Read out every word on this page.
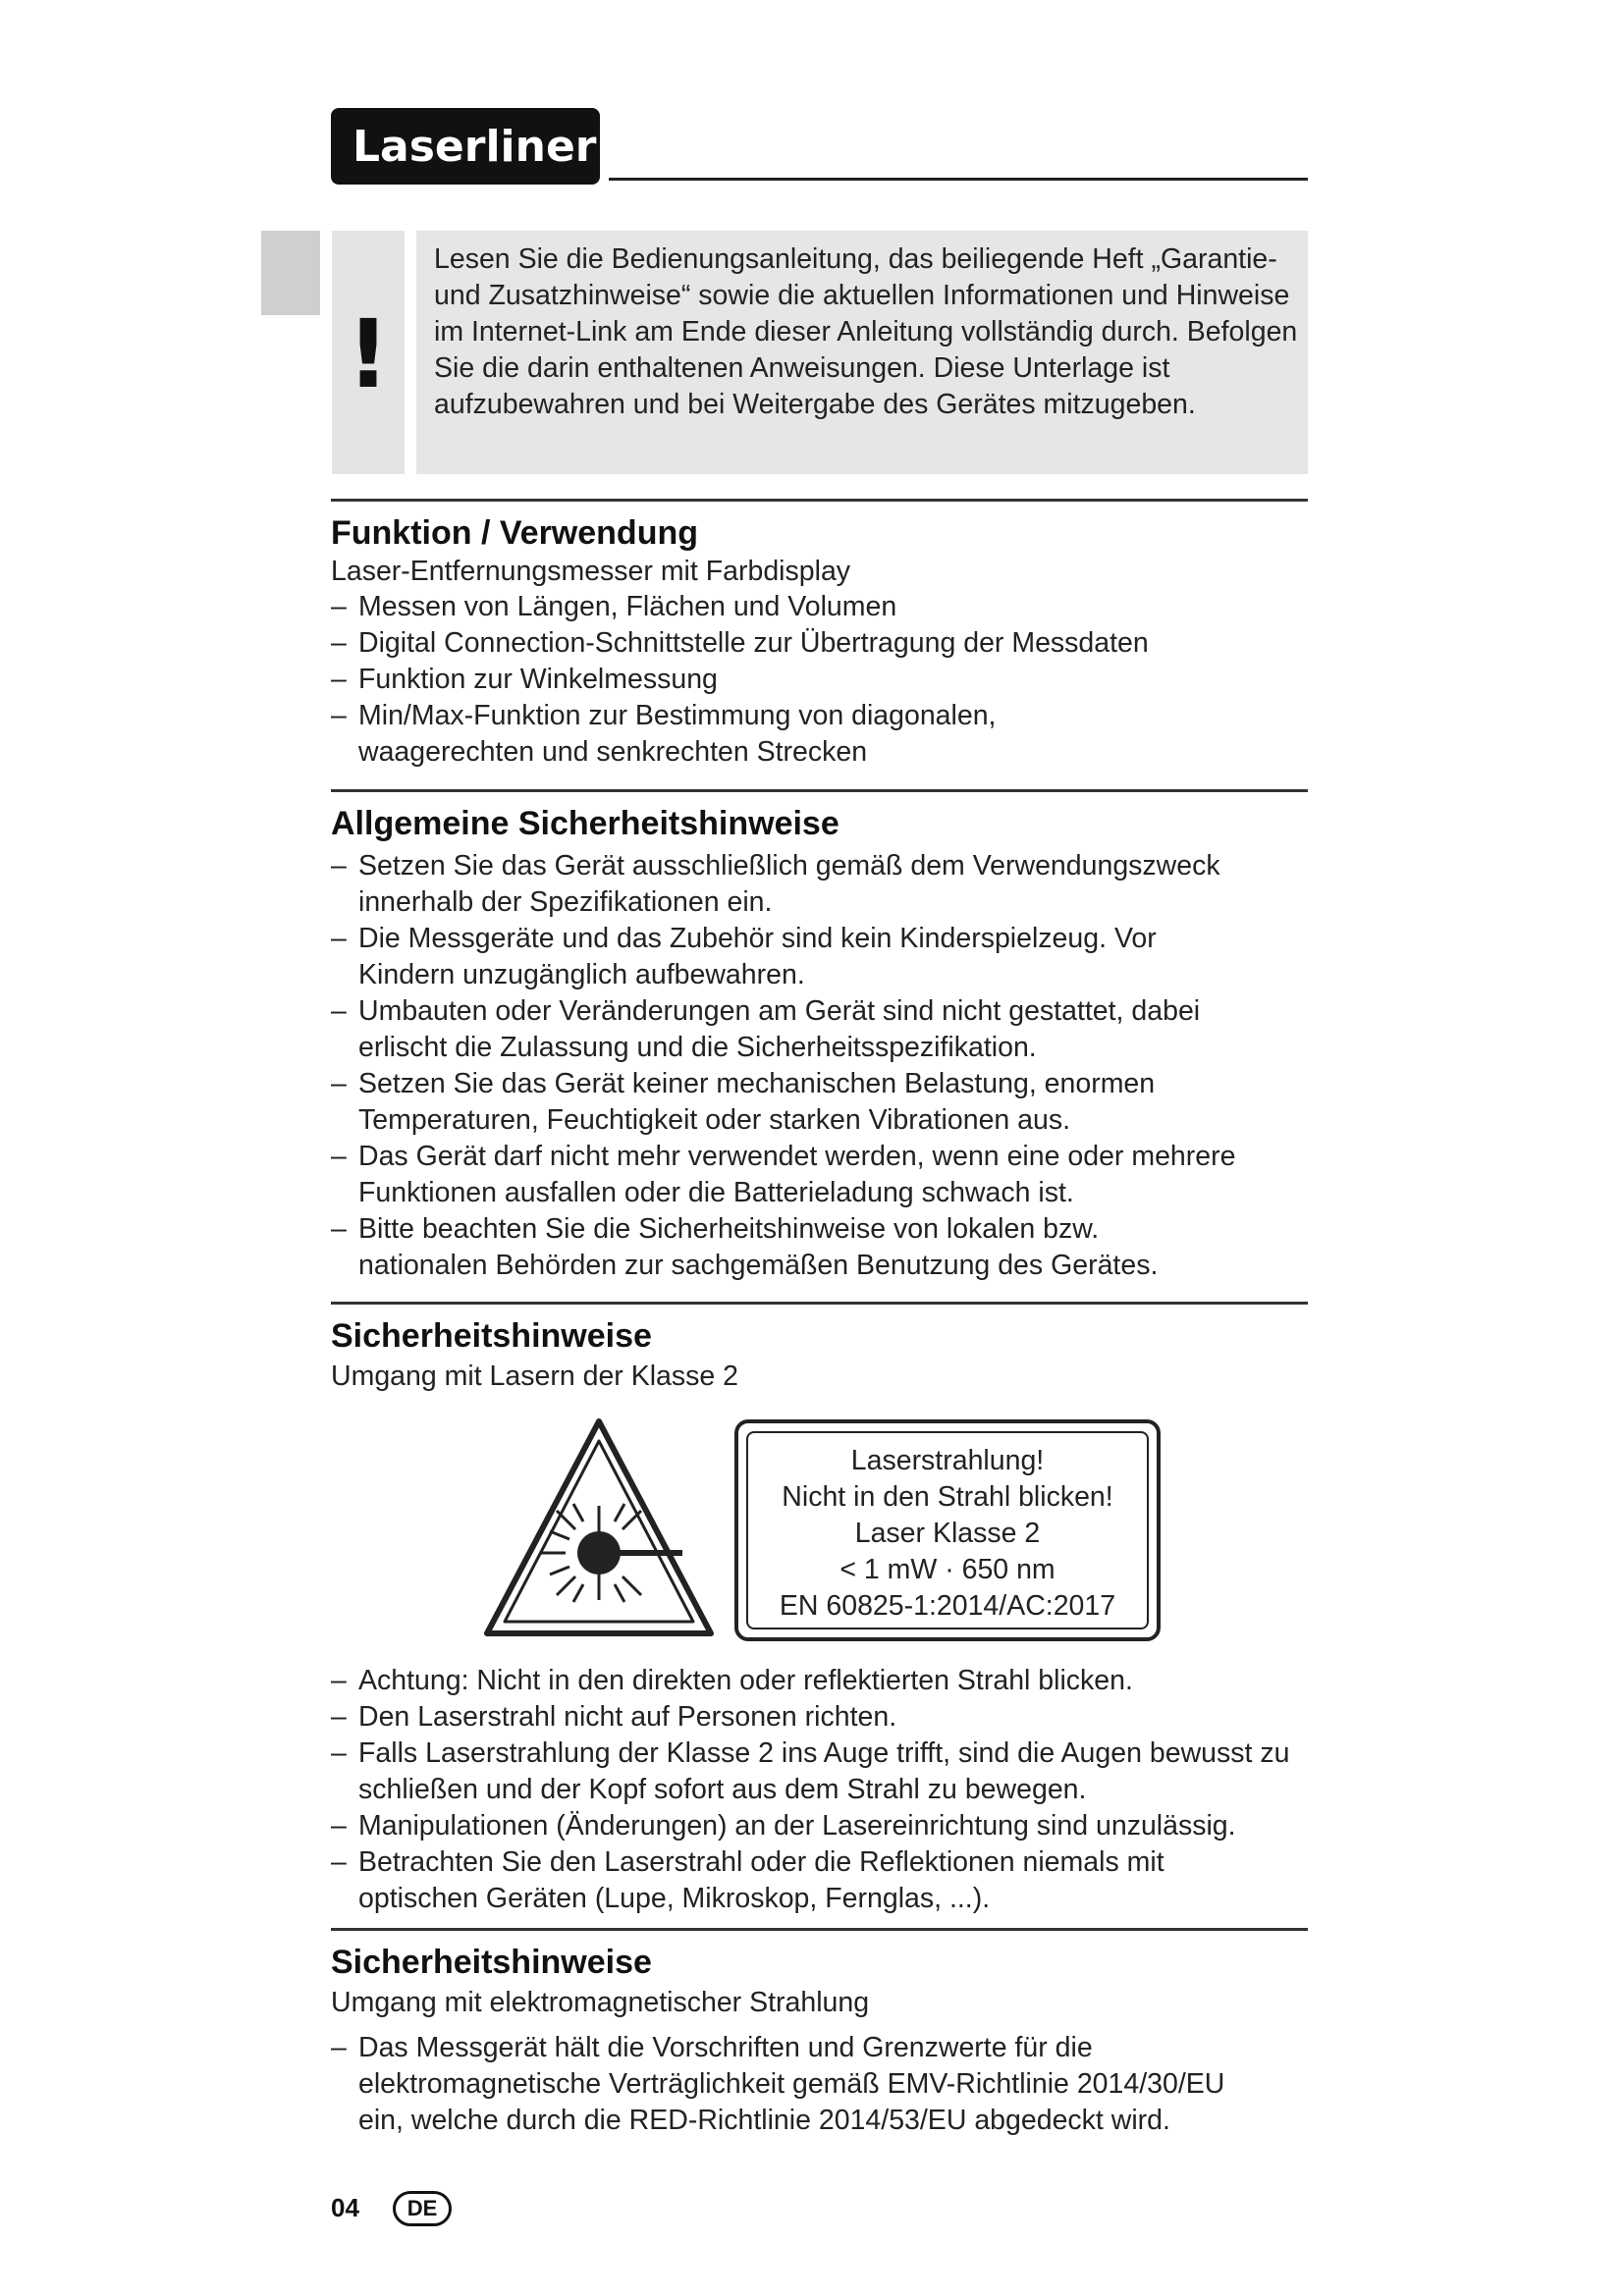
Laserliner
!

Lesen Sie die Bedienungsanleitung, das beiliegende Heft „Garantie- und Zusatzhinweise“ sowie die aktuellen Informationen und Hinweise im Internet-Link am Ende dieser Anleitung vollständig durch. Befolgen Sie die darin enthaltenen Anweisungen. Diese Unterlage ist aufzubewahren und bei Weitergabe des Gerätes mitzugeben.

Funktion / Verwendung

Laser-Entfernungsmesser mit Farbdisplay

– Messen von Längen, Flächen und Volumen
– Digital Connection-Schnittstelle zur Übertragung der Messdaten
– Funktion zur Winkelmessung
– Min/Max-Funktion zur Bestimmung von diagonalen, waagerechten und senkrechten Strecken
Allgemeine Sicherheitshinweise
– Setzen Sie das Gerät ausschließlich gemäß dem Verwendungszweck innerhalb der Spezifikationen ein.
– Die Messgeräte und das Zubehör sind kein Kinderspielzeug. Vor Kindern unzugänglich aufbewahren.
– Umbauten oder Veränderungen am Gerät sind nicht gestattet, dabei erlischt die Zulassung und die Sicherheitsspezifikation.
– Setzen Sie das Gerät keiner mechanischen Belastung, enormen Temperaturen, Feuchtigkeit oder starken Vibrationen aus.
– Das Gerät darf nicht mehr verwendet werden, wenn eine oder mehrere Funktionen ausfallen oder die Batterieladung schwach ist.
– Bitte beachten Sie die Sicherheitshinweise von lokalen bzw. nationalen Behörden zur sachgemäßen Benutzung des Gerätes.
Sicherheitshinweise

Umgang mit Lasern der Klasse 2

Laserstrahlung!
Nicht in den Strahl blicken!
Laser Klasse 2
< 1 mW · 650 nm
EN 60825-1:2014/AC:2017
– Achtung: Nicht in den direkten oder reflektierten Strahl blicken.
– Den Laserstrahl nicht auf Personen richten.
– Falls Laserstrahlung der Klasse 2 ins Auge trifft, sind die Augen bewusst zu schließen und der Kopf sofort aus dem Strahl zu bewegen.
– Manipulationen (Änderungen) an der Lasereinrichtung sind unzulässig.
– Betrachten Sie den Laserstrahl oder die Reflektionen niemals mit optischen Geräten (Lupe, Mikroskop, Fernglas, ...).
Sicherheitshinweise

Umgang mit elektromagnetischer Strahlung

– Das Messgerät hält die Vorschriften und Grenzwerte für die elektromagnetische Verträglichkeit gemäß EMV-Richtlinie 2014/30/EU ein, welche durch die RED-Richtlinie 2014/53/EU abgedeckt wird.

04	DE
